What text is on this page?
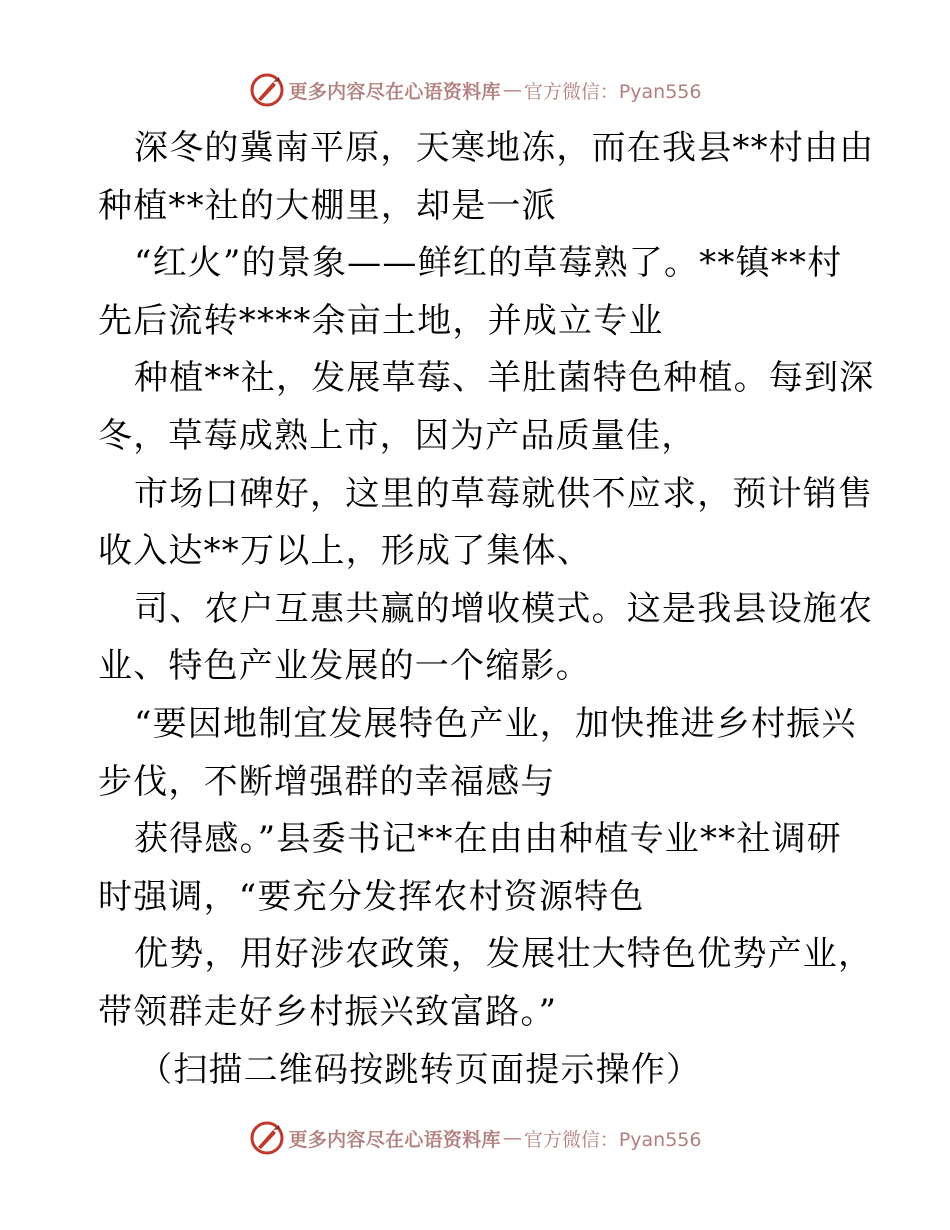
更多内容尽在心语资料库 — 官方微信：Pyan556
深冬的冀南平原，天寒地冻，而在我县**村由由
种植**社的大棚里，却是一派
“红火”的景象——鲜红的草莓熟了。**镇**村
先后流转****余亩土地，并成立专业
种植**社，发展草莓、羊肚菌特色种植。每到深
冬，草莓成熟上市，因为产品质量佳，
市场口碑好，这里的草莓就供不应求，预计销售
收入达**万以上，形成了集体、
司、农户互惠共赢的增收模式。这是我县设施农
业、特色产业发展的一个缩影。
“要因地制宜发展特色产业，加快推进乡村振兴
步伐，不断增强群的幸福感与
获得感。”县委书记**在由由种植专业**社调研
时强调，“要充分发挥农村资源特色
优势，用好涉农政策，发展壮大特色优势产业，
带领群走好乡村振兴致富路。”
（扫描二维码按跳转页面提示操作）
更多内容尽在心语资料库 — 官方微信：Pyan556
